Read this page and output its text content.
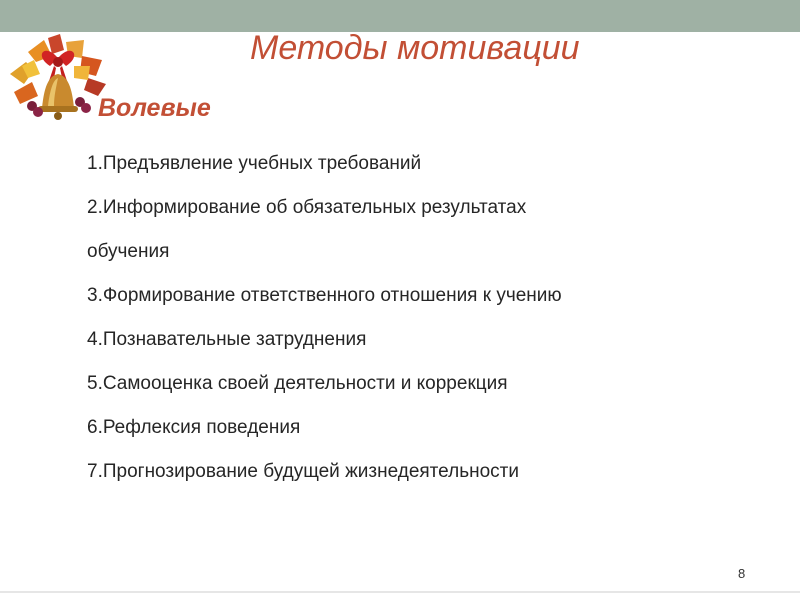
Методы мотивации
Волевые
1.Предъявление учебных требований
2.Информирование об обязательных результатах
обучения
3.Формирование ответственного отношения к учению
4.Познавательные затруднения
5.Самооценка своей деятельности и коррекция
6.Рефлексия поведения
7.Прогнозирование будущей жизнедеятельности
8
